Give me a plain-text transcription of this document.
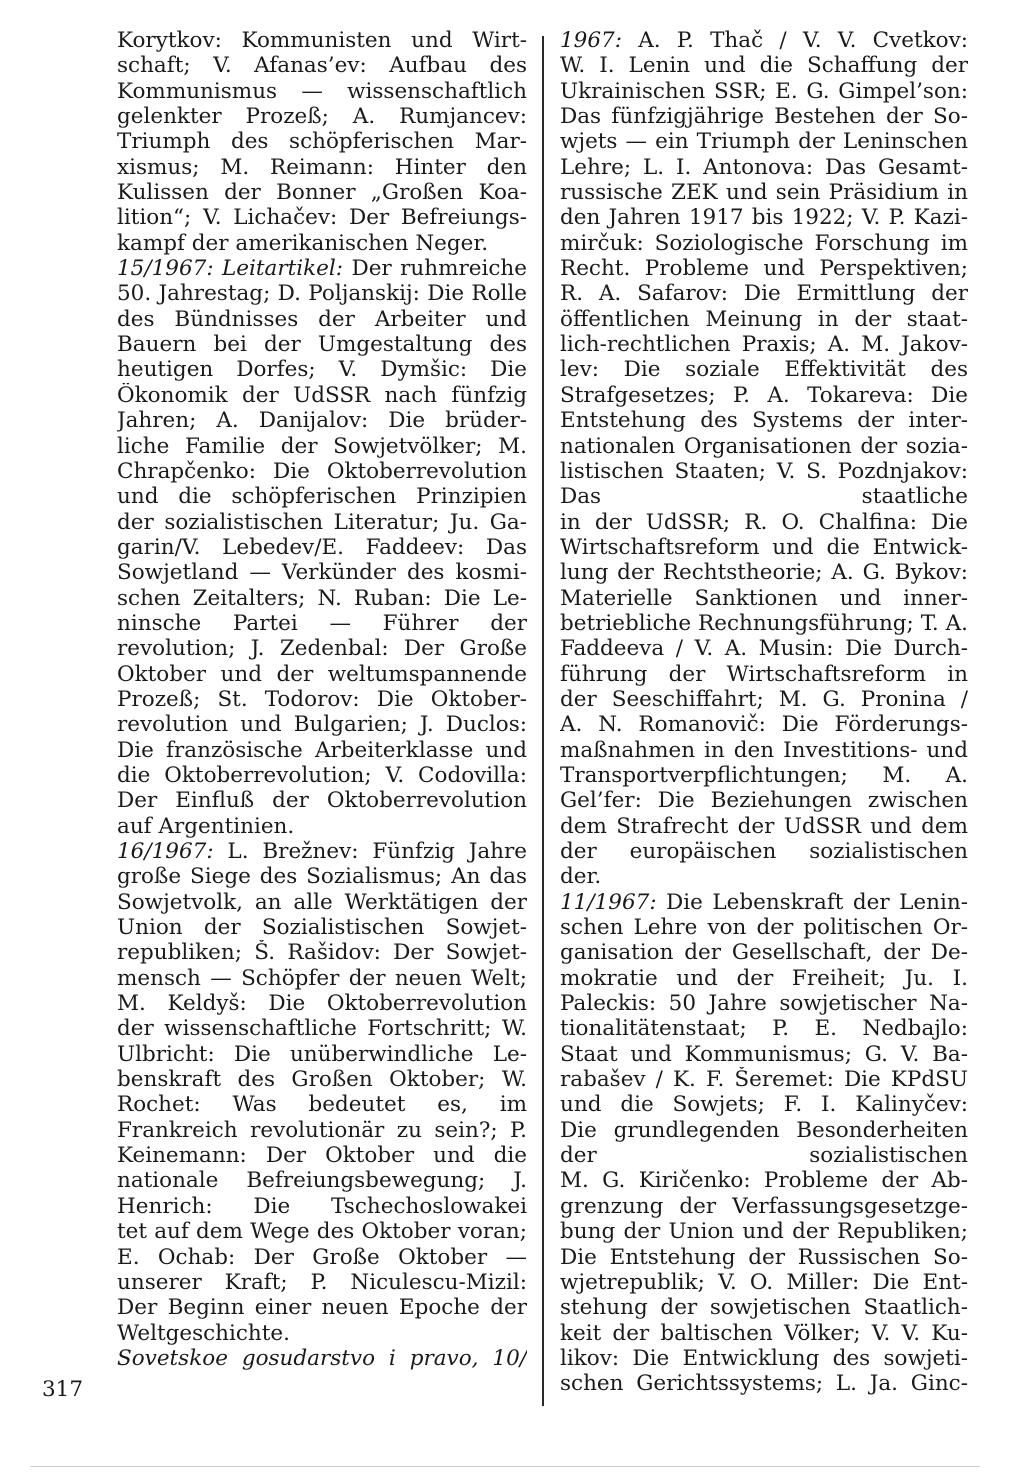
Korytkov: Kommunisten und Wirt-
schaft; V. Afanas’ev: Aufbau des
Kommunismus — wissenschaftlich
gelenkter Prozeß; A. Rumjancev:
Triumph des schöpferischen Mar-
xismus; M. Reimann: Hinter den
Kulissen der Bonner „Großen Koa-
lition“; V. Lichačev: Der Befreiungs-
kampf der amerikanischen Neger.
15/1967: Leitartikel: Der ruhmreiche
50. Jahrestag; D. Poljanskij: Die Rolle
des Bündnisses der Arbeiter und
Bauern bei der Umgestaltung des
heutigen Dorfes; V. Dymšic: Die
Ökonomik der UdSSR nach fünfzig
Jahren; A. Danijalov: Die brüder-
liche Familie der Sowjetvölker; M.
Chrapčenko: Die Oktoberrevolution
und die schöpferischen Prinzipien
der sozialistischen Literatur; Ju. Ga-
garin/V. Lebedev/E. Faddeev: Das
Sowjetland — Verkünder des kosmi-
schen Zeitalters; N. Ruban: Die Le-
ninsche Partei — Führer der
revolution; J. Zedenbal: Der Große
Oktober und der weltumspannende
Prozeß; St. Todorov: Die Oktober-
revolution und Bulgarien; J. Duclos:
Die französische Arbeiterklasse und
die Oktoberrevolution; V. Codovilla:
Der Einfluß der Oktoberrevolution
auf Argentinien.
16/1967: L. Brežnev: Fünfzig Jahre
große Siege des Sozialismus; An das
Sowjetvolk, an alle Werktätigen der
Union der Sozialistischen Sowjet-
republiken; Š. Rašidov: Der Sowjet-
mensch — Schöpfer der neuen Welt;
M. Keldyš: Die Oktoberrevolution
der wissenschaftliche Fortschritt; W.
Ulbricht: Die unüberwindliche Le-
benskraft des Großen Oktober; W.
Rochet: Was bedeutet es, im
Frankreich revolutionär zu sein?; P.
Keinemann: Der Oktober und die
nationale Befreiungsbewegung; J.
Henrich: Die Tschechoslowakei
tet auf dem Wege des Oktober voran;
E. Ochab: Der Große Oktober —
unserer Kraft; P. Niculescu-Mizil:
Der Beginn einer neuen Epoche der
Weltgeschichte.
Sovetskoe gosudarstvo i pravo, 10/
1967: A. P. Thač / V. V. Cvetkov:
W. I. Lenin und die Schaffung der
Ukrainischen SSR; E. G. Gimpel’son:
Das fünfzigjährige Bestehen der So-
wjets — ein Triumph der Leninschen
Lehre; L. I. Antonova: Das Gesamt-
russische ZEK und sein Präsidium in
den Jahren 1917 bis 1922; V. P. Kazi-
mirčuk: Soziologische Forschung im
Recht. Probleme und Perspektiven;
R. A. Safarov: Die Ermittlung der
öffentlichen Meinung in der staat-
lich-rechtlichen Praxis; A. M. Jakov-
lev: Die soziale Effektivität des
Strafgesetzes; P. A. Tokareva: Die
Entstehung des Systems der inter-
nationalen Organisationen der sozia-
listischen Staaten; V. S. Pozdnjakov:
Das staatliche
in der UdSSR; R. O. Chalfina: Die
Wirtschaftsreform und die Entwick-
lung der Rechtstheorie; A. G. Bykov:
Materielle Sanktionen und inner-
betriebliche Rechnungsführung; T. A.
Faddeeva / V. A. Musin: Die Durch-
führung der Wirtschaftsreform in
der Seeschiffahrt; M. G. Pronina /
A. N. Romanovič: Die Förderungs-
maßnahmen in den Investitions- und
Transportverpflichtungen; M. A.
Gel’fer: Die Beziehungen zwischen
dem Strafrecht der UdSSR und dem
der europäischen sozialistischen
der.
11/1967: Die Lebenskraft der Lenin-
schen Lehre von der politischen Or-
ganisation der Gesellschaft, der De-
mokratie und der Freiheit; Ju. I.
Paleckis: 50 Jahre sowjetischer Na-
tionalitätenstaat; P. E. Nedbajlo:
Staat und Kommunismus; G. V. Ba-
rabašev / K. F. Šeremet: Die KPdSU
und die Sowjets; F. I. Kalinyčev:
Die grundlegenden Besonderheiten
der sozialistischen
M. G. Kiričenko: Probleme der Ab-
grenzung der Verfassungsgesetzge-
bung der Union und der Republiken;
Die Entstehung der Russischen So-
wjetrepublik; V. O. Miller: Die Ent-
stehung der sowjetischen Staatlich-
keit der baltischen Völker; V. V. Ku-
likov: Die Entwicklung des sowjeti-
schen Gerichtssystems; L. Ja. Ginc-
317
